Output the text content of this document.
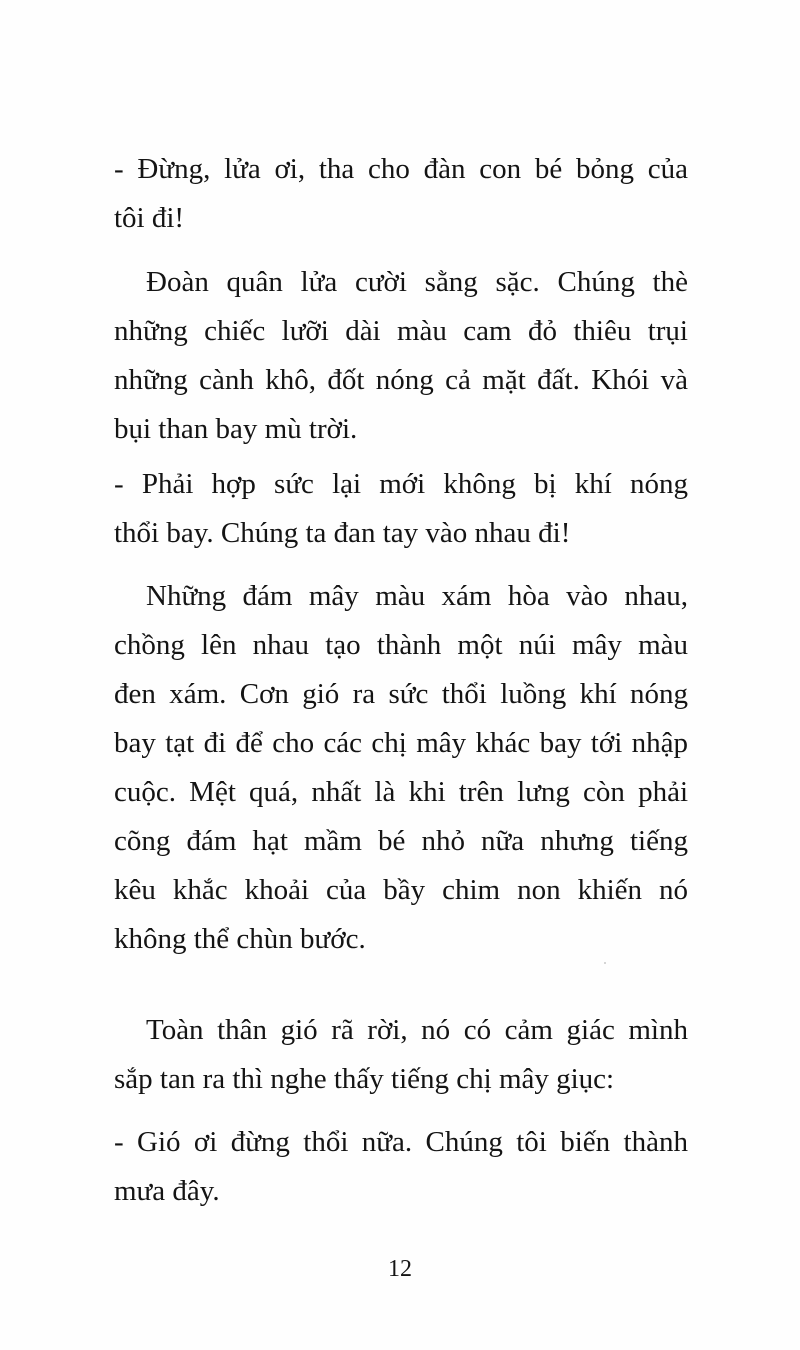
- Đừng, lửa ơi, tha cho đàn con bé bỏng của
tôi đi!

Đoàn quân lửa cười sằng sặc. Chúng thè
những chiếc lưỡi dài màu cam đỏ thiêu trụi
những cành khô, đốt nóng cả mặt đất. Khói và
bụi than bay mù trời.

- Phải hợp sức lại mới không bị khí nóng
thổi bay. Chúng ta đan tay vào nhau đi!

Những đám mây màu xám hòa vào nhau,
chồng lên nhau tạo thành một núi mây màu
đen xám. Cơn gió ra sức thổi luồng khí nóng
bay tạt đi để cho các chị mây khác bay tới nhập
cuộc. Mệt quá, nhất là khi trên lưng còn phải
cõng đám hạt mầm bé nhỏ nữa nhưng tiếng
kêu khắc khoải của bầy chim non khiến nó
không thể chùn bước.

Toàn thân gió rã rời, nó có cảm giác mình
sắp tan ra thì nghe thấy tiếng chị mây giục:

- Gió ơi đừng thổi nữa. Chúng tôi biến thành
mưa đây.

12
